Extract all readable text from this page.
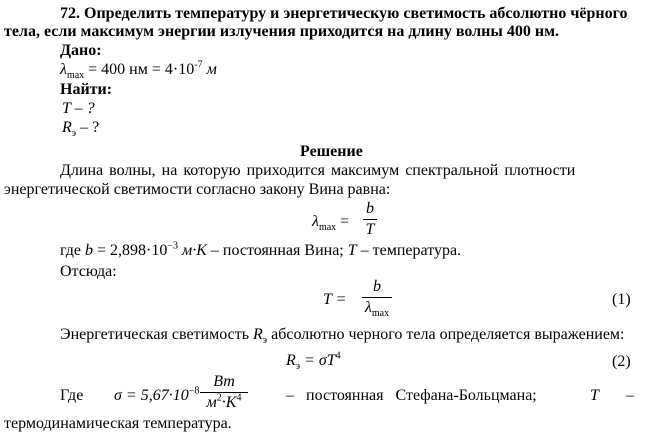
72. Определить температуру и энергетическую светимость абсолютно чёрного
тела, если максимум энергии излучения приходится на длину волны 400 нм.
Дано:
$\lambda_{max} = 400$ нм = $4\cdot 10^{-7}$ м
Найти:
T – ?
$R_э$ – ?
Решение
Длина волны, на которую приходится максимум спектральной плотности
энергетической светимости согласно закону Вина равна:
$\lambda_{max}$ =
b
T
где $b = 2,898\cdot 10^{-3}$ м·K – постоянная Вина; T – температура.
Отсюда:
T =
b
$\lambda_{max}$
(1)
Энергетическая светимость $R_э$ абсолютно черного тела определяется выражением:
$R_э = \sigma T^4$	(2)
Где $\sigma = 5,67\cdot 10^{-8}$
Вт
$м^2\cdot K^4$	–   постоянная   Стефана-Больцмана;	T –
термодинамическая температура.
